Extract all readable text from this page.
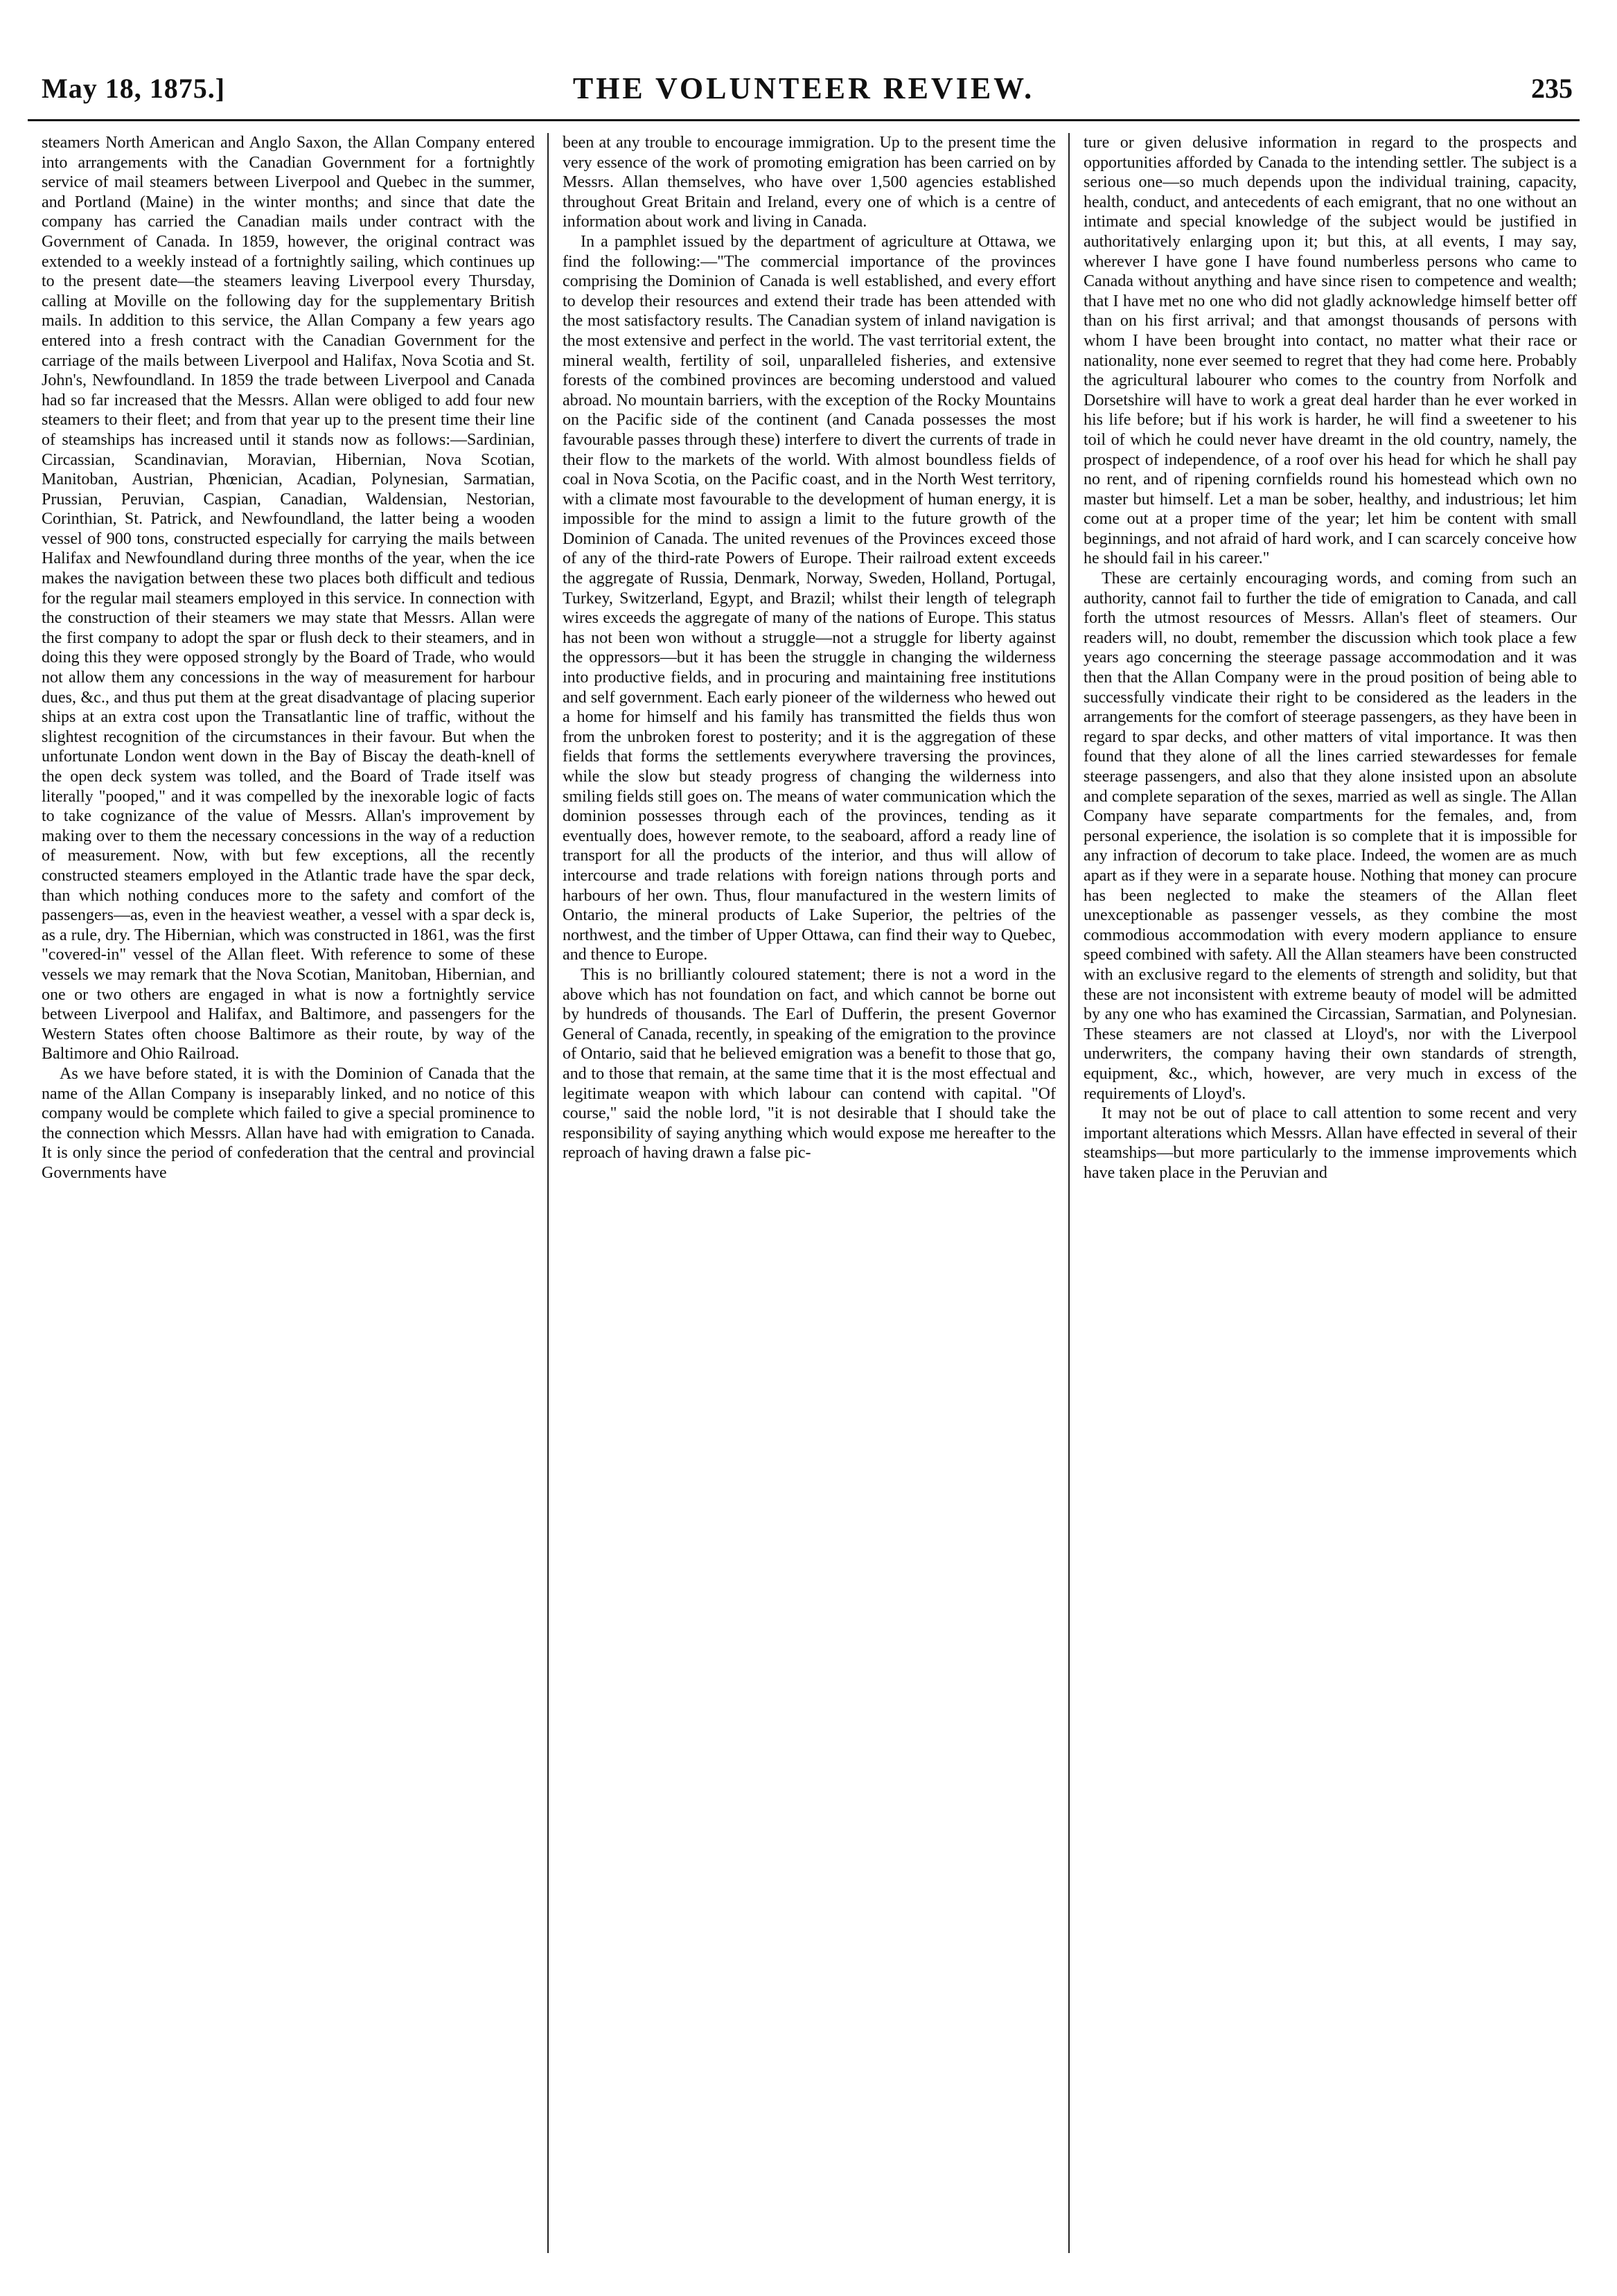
May 18, 1875.]	THE VOLUNTEER REVIEW.	235

steamers North American and Anglo Saxon, the Allan Company entered into arrangements with the Canadian Government for a fortnightly service of mail steamers between Liverpool and Quebec in the summer, and Portland (Maine) in the winter months; and since that date the company has carried the Canadian mails under contract with the Government of Canada. In 1859, however, the original contract was extended to a weekly instead of a fortnightly sailing, which continues up to the present date—the steamers leaving Liverpool every Thursday, calling at Moville on the following day for the supplementary British mails. In addition to this service, the Allan Company a few years ago entered into a fresh contract with the Canadian Government for the carriage of the mails between Liverpool and Halifax, Nova Scotia and St. John's, Newfoundland. In 1859 the trade between Liverpool and Canada had so far increased that the Messrs. Allan were obliged to add four new steamers to their fleet; and from that year up to the present time their line of steamships has increased until it stands now as follows:—Sardinian, Circassian, Scandinavian, Moravian, Hibernian, Nova Scotian, Manitoban, Austrian, Phœnician, Acadian, Polynesian, Sarmatian, Prussian, Peruvian, Caspian, Canadian, Waldensian, Nestorian, Corinthian, St. Patrick, and Newfoundland, the latter being a wooden vessel of 900 tons, constructed especially for carrying the mails between Halifax and Newfoundland during three months of the year, when the ice makes the navigation between these two places both difficult and tedious for the regular mail steamers employed in this service. In connection with the construction of their steamers we may state that Messrs. Allan were the first company to adopt the spar or flush deck to their steamers, and in doing this they were opposed strongly by the Board of Trade, who would not allow them any concessions in the way of measurement for harbour dues, &c., and thus put them at the great disadvantage of placing superior ships at an extra cost upon the Transatlantic line of traffic, without the slightest recognition of the circumstances in their favour. But when the unfortunate London went down in the Bay of Biscay the death-knell of the open deck system was tolled, and the Board of Trade itself was literally "pooped," and it was compelled by the inexorable logic of facts to take cognizance of the value of Messrs. Allan's improvement by making over to them the necessary concessions in the way of a reduction of measurement. Now, with but few exceptions, all the recently constructed steamers employed in the Atlantic trade have the spar deck, than which nothing conduces more to the safety and comfort of the passengers—as, even in the heaviest weather, a vessel with a spar deck is, as a rule, dry. The Hibernian, which was constructed in 1861, was the first "covered-in" vessel of the Allan fleet. With reference to some of these vessels we may remark that the Nova Scotian, Manitoban, Hibernian, and one or two others are engaged in what is now a fortnightly service between Liverpool and Halifax, and Baltimore, and passengers for the Western States often choose Baltimore as their route, by way of the Baltimore and Ohio Railroad.

As we have before stated, it is with the Dominion of Canada that the name of the Allan Company is inseparably linked, and no notice of this company would be complete which failed to give a special prominence to the connection which Messrs. Allan have had with emigration to Canada. It is only since the period of confederation that the central and provincial Governments have

been at any trouble to encourage immigration. Up to the present time the very essence of the work of promoting emigration has been carried on by Messrs. Allan themselves, who have over 1,500 agencies established throughout Great Britain and Ireland, every one of which is a centre of information about work and living in Canada.

In a pamphlet issued by the department of agriculture at Ottawa, we find the following:—"The commercial importance of the provinces comprising the Dominion of Canada is well established, and every effort to develop their resources and extend their trade has been attended with the most satisfactory results. The Canadian system of inland navigation is the most extensive and perfect in the world. The vast territorial extent, the mineral wealth, fertility of soil, unparalleled fisheries, and extensive forests of the combined provinces are becoming understood and valued abroad. No mountain barriers, with the exception of the Rocky Mountains on the Pacific side of the continent (and Canada possesses the most favourable passes through these) interfere to divert the currents of trade in their flow to the markets of the world. With almost boundless fields of coal in Nova Scotia, on the Pacific coast, and in the North West territory, with a climate most favourable to the development of human energy, it is impossible for the mind to assign a limit to the future growth of the Dominion of Canada. The united revenues of the Provinces exceed those of any of the third-rate Powers of Europe. Their railroad extent exceeds the aggregate of Russia, Denmark, Norway, Sweden, Holland, Portugal, Turkey, Switzerland, Egypt, and Brazil; whilst their length of telegraph wires exceeds the aggregate of many of the nations of Europe. This status has not been won without a struggle—not a struggle for liberty against the oppressors—but it has been the struggle in changing the wilderness into productive fields, and in procuring and maintaining free institutions and self government. Each early pioneer of the wilderness who hewed out a home for himself and his family has transmitted the fields thus won from the unbroken forest to posterity; and it is the aggregation of these fields that forms the settlements everywhere traversing the provinces, while the slow but steady progress of changing the wilderness into smiling fields still goes on. The means of water communication which the dominion possesses through each of the provinces, tending as it eventually does, however remote, to the seaboard, afford a ready line of transport for all the products of the interior, and thus will allow of intercourse and trade relations with foreign nations through ports and harbours of her own. Thus, flour manufactured in the western limits of Ontario, the mineral products of Lake Superior, the peltries of the northwest, and the timber of Upper Ottawa, can find their way to Quebec, and thence to Europe.

This is no brilliantly coloured statement; there is not a word in the above which has not foundation on fact, and which cannot be borne out by hundreds of thousands. The Earl of Dufferin, the present Governor General of Canada, recently, in speaking of the emigration to the province of Ontario, said that he believed emigration was a benefit to those that go, and to those that remain, at the same time that it is the most effectual and legitimate weapon with which labour can contend with capital. "Of course," said the noble lord, "it is not desirable that I should take the responsibility of saying anything which would expose me hereafter to the reproach of having drawn a false pic-

ture or given delusive information in regard to the prospects and opportunities afforded by Canada to the intending settler. The subject is a serious one—so much depends upon the individual training, capacity, health, conduct, and antecedents of each emigrant, that no one without an intimate and special knowledge of the subject would be justified in authoritatively enlarging upon it; but this, at all events, I may say, wherever I have gone I have found numberless persons who came to Canada without anything and have since risen to competence and wealth; that I have met no one who did not gladly acknowledge himself better off than on his first arrival; and that amongst thousands of persons with whom I have been brought into contact, no matter what their race or nationality, none ever seemed to regret that they had come here. Probably the agricultural labourer who comes to the country from Norfolk and Dorsetshire will have to work a great deal harder than he ever worked in his life before; but if his work is harder, he will find a sweetener to his toil of which he could never have dreamt in the old country, namely, the prospect of independence, of a roof over his head for which he shall pay no rent, and of ripening cornfields round his homestead which own no master but himself. Let a man be sober, healthy, and industrious; let him come out at a proper time of the year; let him be content with small beginnings, and not afraid of hard work, and I can scarcely conceive how he should fail in his career."

These are certainly encouraging words, and coming from such an authority, cannot fail to further the tide of emigration to Canada, and call forth the utmost resources of Messrs. Allan's fleet of steamers. Our readers will, no doubt, remember the discussion which took place a few years ago concerning the steerage passage accommodation and it was then that the Allan Company were in the proud position of being able to successfully vindicate their right to be considered as the leaders in the arrangements for the comfort of steerage passengers, as they have been in regard to spar decks, and other matters of vital importance. It was then found that they alone of all the lines carried stewardesses for female steerage passengers, and also that they alone insisted upon an absolute and complete separation of the sexes, married as well as single. The Allan Company have separate compartments for the females, and, from personal experience, the isolation is so complete that it is impossible for any infraction of decorum to take place. Indeed, the women are as much apart as if they were in a separate house. Nothing that money can procure has been neglected to make the steamers of the Allan fleet unexceptionable as passenger vessels, as they combine the most commodious accommodation with every modern appliance to ensure speed combined with safety. All the Allan steamers have been constructed with an exclusive regard to the elements of strength and solidity, but that these are not inconsistent with extreme beauty of model will be admitted by any one who has examined the Circassian, Sarmatian, and Polynesian. These steamers are not classed at Lloyd's, nor with the Liverpool underwriters, the company having their own standards of strength, equipment, &c., which, however, are very much in excess of the requirements of Lloyd's.

It may not be out of place to call attention to some recent and very important alterations which Messrs. Allan have effected in several of their steamships—but more particularly to the immense improvements which have taken place in the Peruvian and
